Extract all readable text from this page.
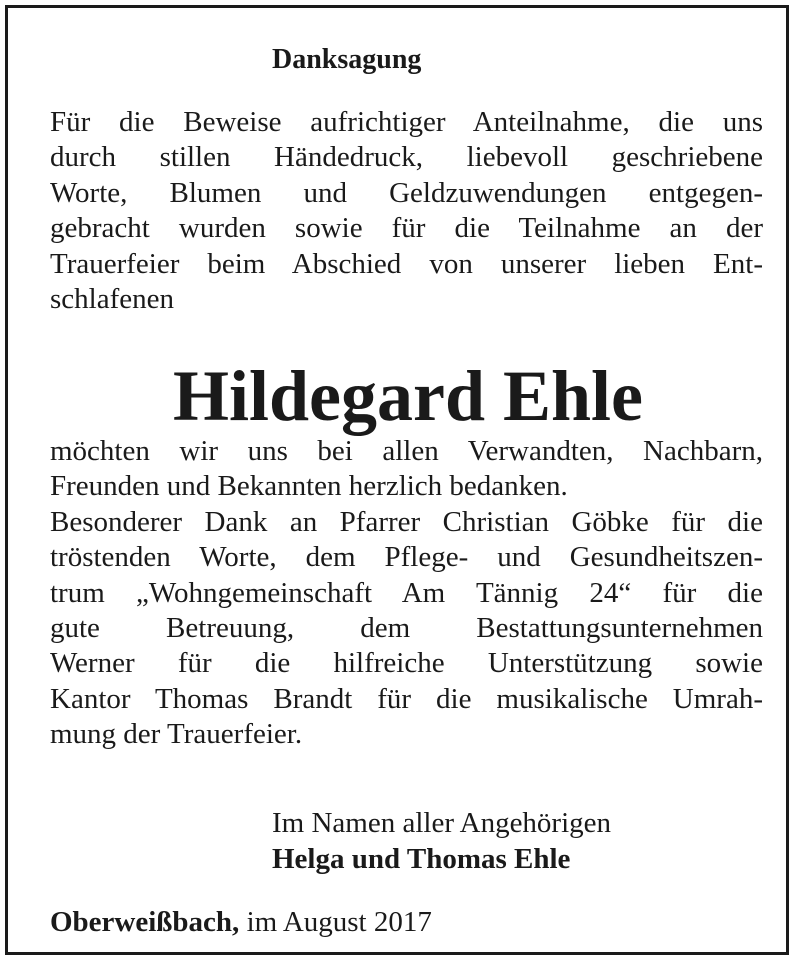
Danksagung
Für die Beweise aufrichtiger Anteilnahme, die uns
durch stillen Händedruck, liebevoll geschriebene
Worte, Blumen und Geldzuwendungen entgegen-
gebracht wurden sowie für die Teilnahme an der
Trauerfeier beim Abschied von unserer lieben Ent-
schlafenen
Hildegard Ehle
möchten wir uns bei allen Verwandten, Nachbarn,
Freunden und Bekannten herzlich bedanken.
Besonderer Dank an Pfarrer Christian Göbke für die
tröstenden Worte, dem Pflege- und Gesundheitszen-
trum „Wohngemeinschaft Am Tännig 24“ für die
gute Betreuung, dem Bestattungsunternehmen
Werner für die hilfreiche Unterstützung sowie
Kantor Thomas Brandt für die musikalische Umrah-
mung der Trauerfeier.
Im Namen aller Angehörigen
Helga und Thomas Ehle
Oberweißbach, im August 2017
